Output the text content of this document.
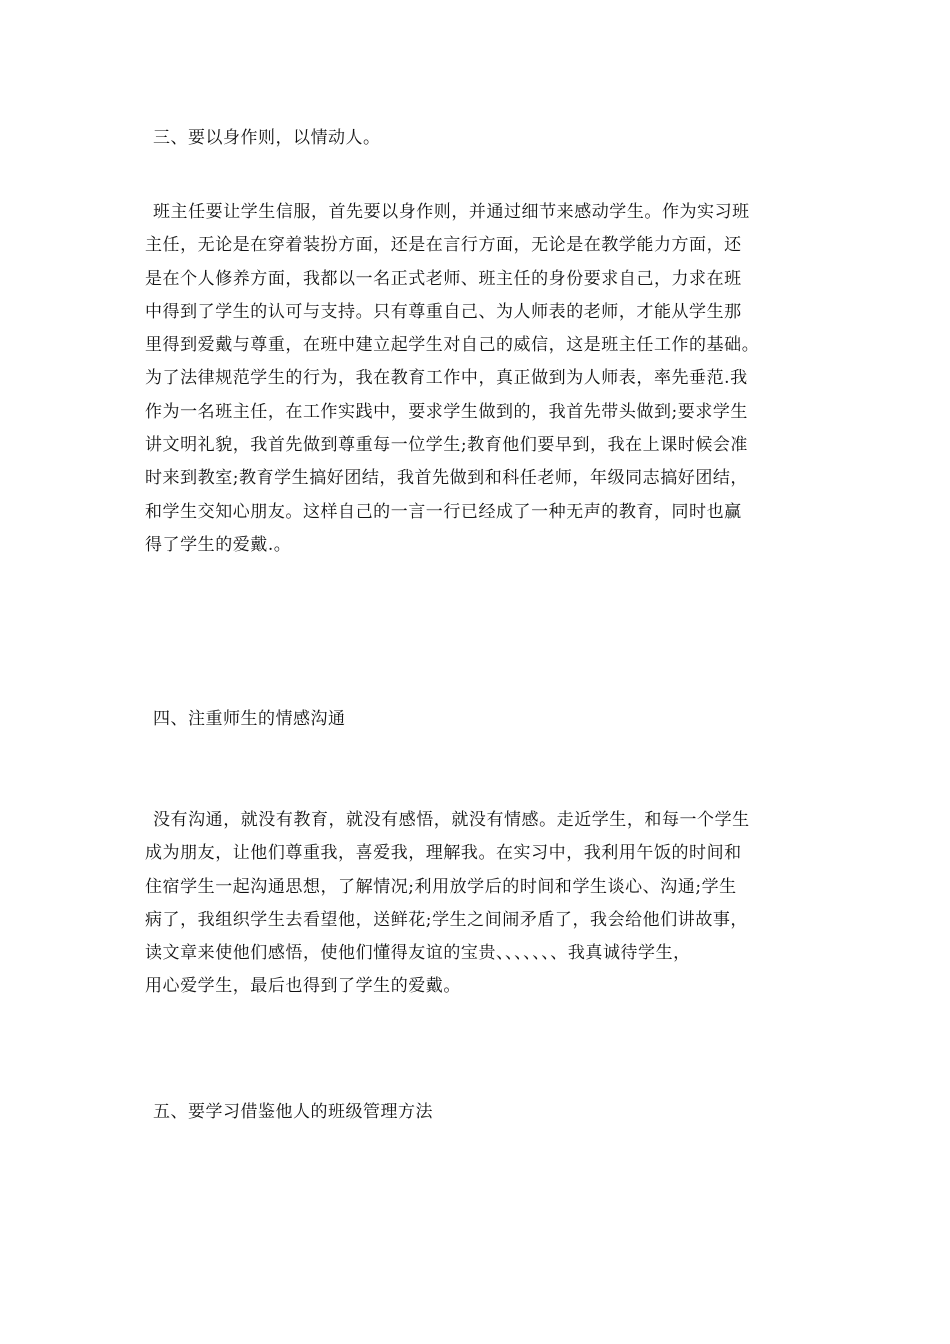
三、要以身作则，以情动人。
班主任要让学生信服，首先要以身作则，并通过细节来感动学生。作为实习班
主任，无论是在穿着装扮方面，还是在言行方面，无论是在教学能力方面，还
是在个人修养方面，我都以一名正式老师、班主任的身份要求自己，力求在班
中得到了学生的认可与支持。只有尊重自己、为人师表的老师，才能从学生那
里得到爱戴与尊重，在班中建立起学生对自己的威信，这是班主任工作的基础。
为了法律规范学生的行为，我在教育工作中，真正做到为人师表，率先垂范.我
作为一名班主任，在工作实践中，要求学生做到的，我首先带头做到;要求学生
讲文明礼貌，我首先做到尊重每一位学生;教育他们要早到，我在上课时候会准
时来到教室;教育学生搞好团结，我首先做到和科任老师，年级同志搞好团结，
和学生交知心朋友。这样自己的一言一行已经成了一种无声的教育，同时也赢
得了学生的爱戴.。
四、注重师生的情感沟通
没有沟通，就没有教育，就没有感悟，就没有情感。走近学生，和每一个学生
成为朋友，让他们尊重我，喜爱我，理解我。在实习中，我利用午饭的时间和
住宿学生一起沟通思想，了解情况;利用放学后的时间和学生谈心、沟通;学生
病了，我组织学生去看望他，送鲜花;学生之间闹矛盾了，我会给他们讲故事，
读文章来使他们感悟，使他们懂得友谊的宝贵、、、、、、、我真诚待学生，
用心爱学生，最后也得到了学生的爱戴。
五、要学习借鉴他人的班级管理方法
